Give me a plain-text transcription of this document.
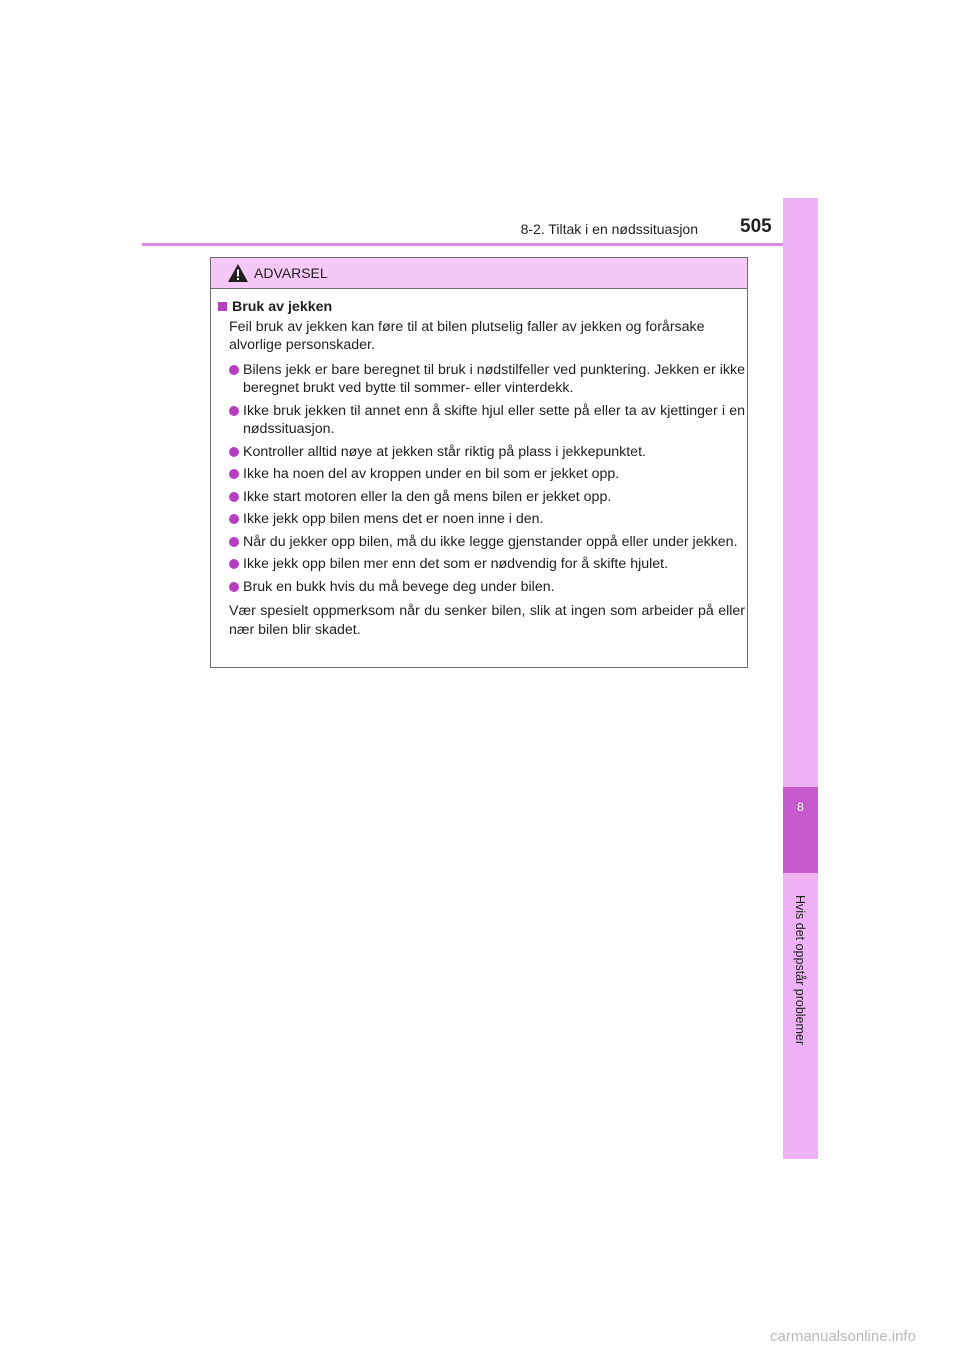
8-2. Tiltak i en nødssituasjon 505
8
Hvis det oppstår problemer
ADVARSEL
Bruk av jekken
Feil bruk av jekken kan føre til at bilen plutselig faller av jekken og forårsake alvorlige personskader.
Bilens jekk er bare beregnet til bruk i nødstilfeller ved punktering. Jekken er ikke beregnet brukt ved bytte til sommer- eller vinterdekk.
Ikke bruk jekken til annet enn å skifte hjul eller sette på eller ta av kjettinger i en nødssituasjon.
Kontroller alltid nøye at jekken står riktig på plass i jekkepunktet.
Ikke ha noen del av kroppen under en bil som er jekket opp.
Ikke start motoren eller la den gå mens bilen er jekket opp.
Ikke jekk opp bilen mens det er noen inne i den.
Når du jekker opp bilen, må du ikke legge gjenstander oppå eller under jekken.
Ikke jekk opp bilen mer enn det som er nødvendig for å skifte hjulet.
Bruk en bukk hvis du må bevege deg under bilen.
Vær spesielt oppmerksom når du senker bilen, slik at ingen som arbeider på eller nær bilen blir skadet.
carmanualsonline.info
